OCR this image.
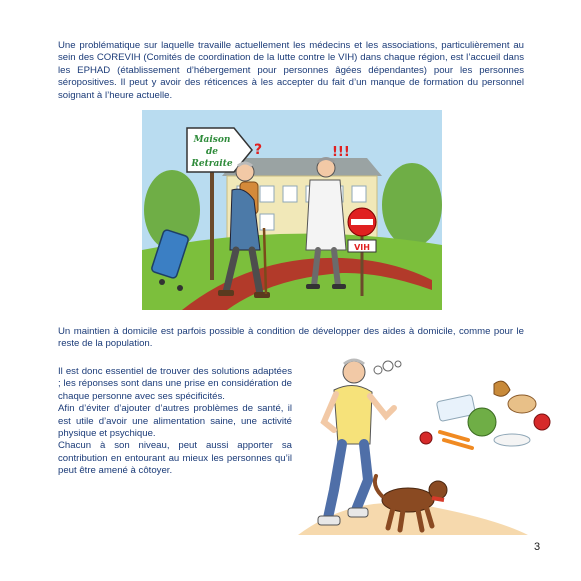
Une problématique sur laquelle travaille actuellement les médecins et les associations, particulièrement au sein des COREVIH (Comités de coordination de la lutte contre le VIH) dans chaque région, est l’accueil dans les EPHAD (établissement d’hébergement pour personnes âgées dépendantes) pour les personnes séropositives. Il peut y avoir des réticences à les accepter du fait d’un manque de formation du personnel soignant à l’heure actuelle.

Maison
de
Retraite
?	!!!
VIH

Un maintien à domicile est parfois possible à condition de développer des aides à domicile, comme pour le reste de la population.

Il est donc essentiel de trouver des solutions adaptées ; les réponses sont dans une prise en considération de chaque personne avec ses spécificités.
Afin d’éviter d’ajouter d’autres problèmes de santé, il est utile d’avoir une alimentation saine, une activité physique et psychique.
Chacun à son niveau, peut aussi apporter sa contribution en entourant au mieux les personnes qu’il peut être amené à côtoyer.
3
